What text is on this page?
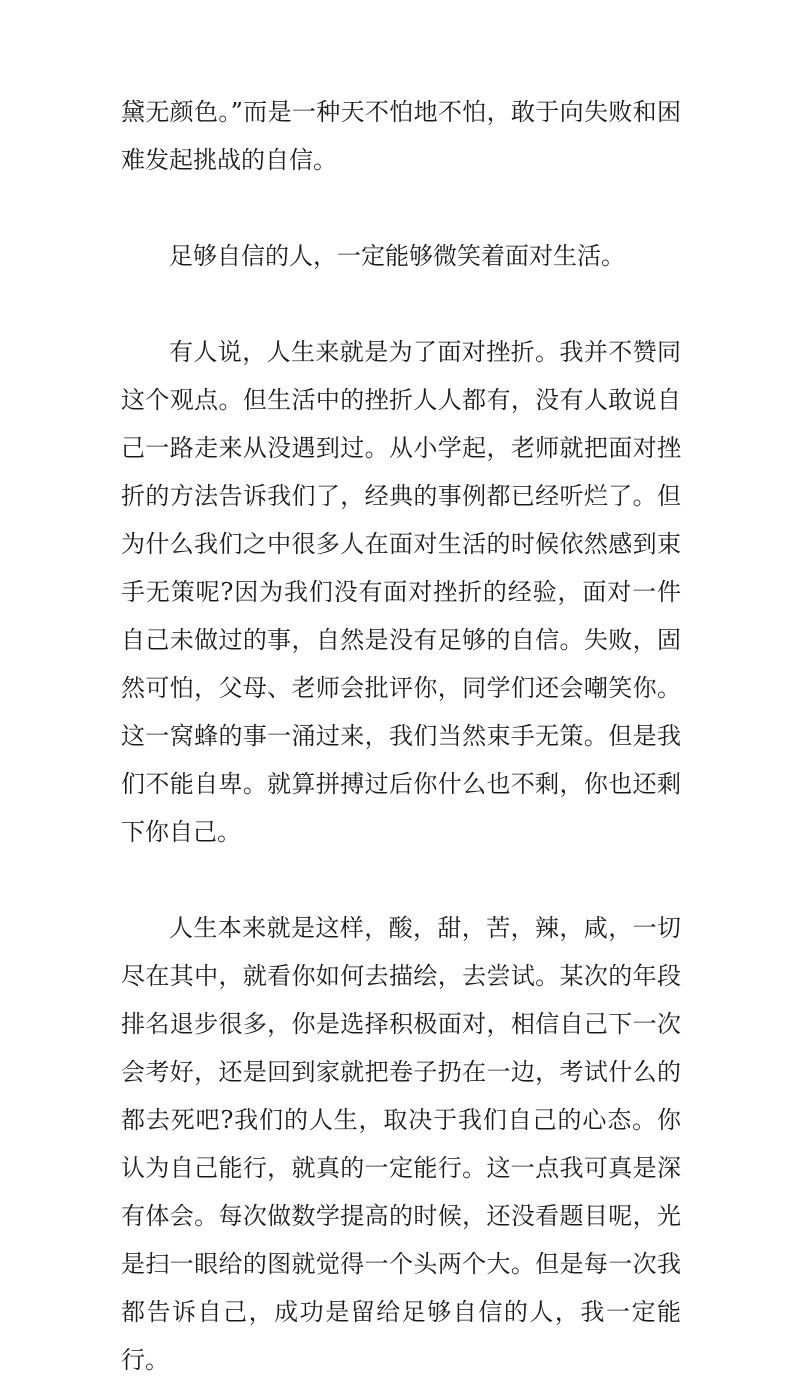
黛无颜色。”而是一种天不怕地不怕，敢于向失败和困难发起挑战的自信。

足够自信的人，一定能够微笑着面对生活。

有人说，人生来就是为了面对挫折。我并不赞同这个观点。但生活中的挫折人人都有，没有人敢说自己一路走来从没遇到过。从小学起，老师就把面对挫折的方法告诉我们了，经典的事例都已经听烂了。但为什么我们之中很多人在面对生活的时候依然感到束手无策呢?因为我们没有面对挫折的经验，面对一件自己未做过的事，自然是没有足够的自信。失败，固然可怕，父母、老师会批评你，同学们还会嘲笑你。这一窝蜂的事一涌过来，我们当然束手无策。但是我们不能自卑。就算拼搏过后你什么也不剩，你也还剩下你自己。

人生本来就是这样，酸，甜，苦，辣，咸，一切尽在其中，就看你如何去描绘，去尝试。某次的年段排名退步很多，你是选择积极面对，相信自己下一次会考好，还是回到家就把卷子扔在一边，考试什么的都去死吧?我们的人生，取决于我们自己的心态。你认为自己能行，就真的一定能行。这一点我可真是深有体会。每次做数学提高的时候，还没看题目呢，光是扫一眼给的图就觉得一个头两个大。但是每一次我都告诉自己，成功是留给足够自信的人，我一定能行。
